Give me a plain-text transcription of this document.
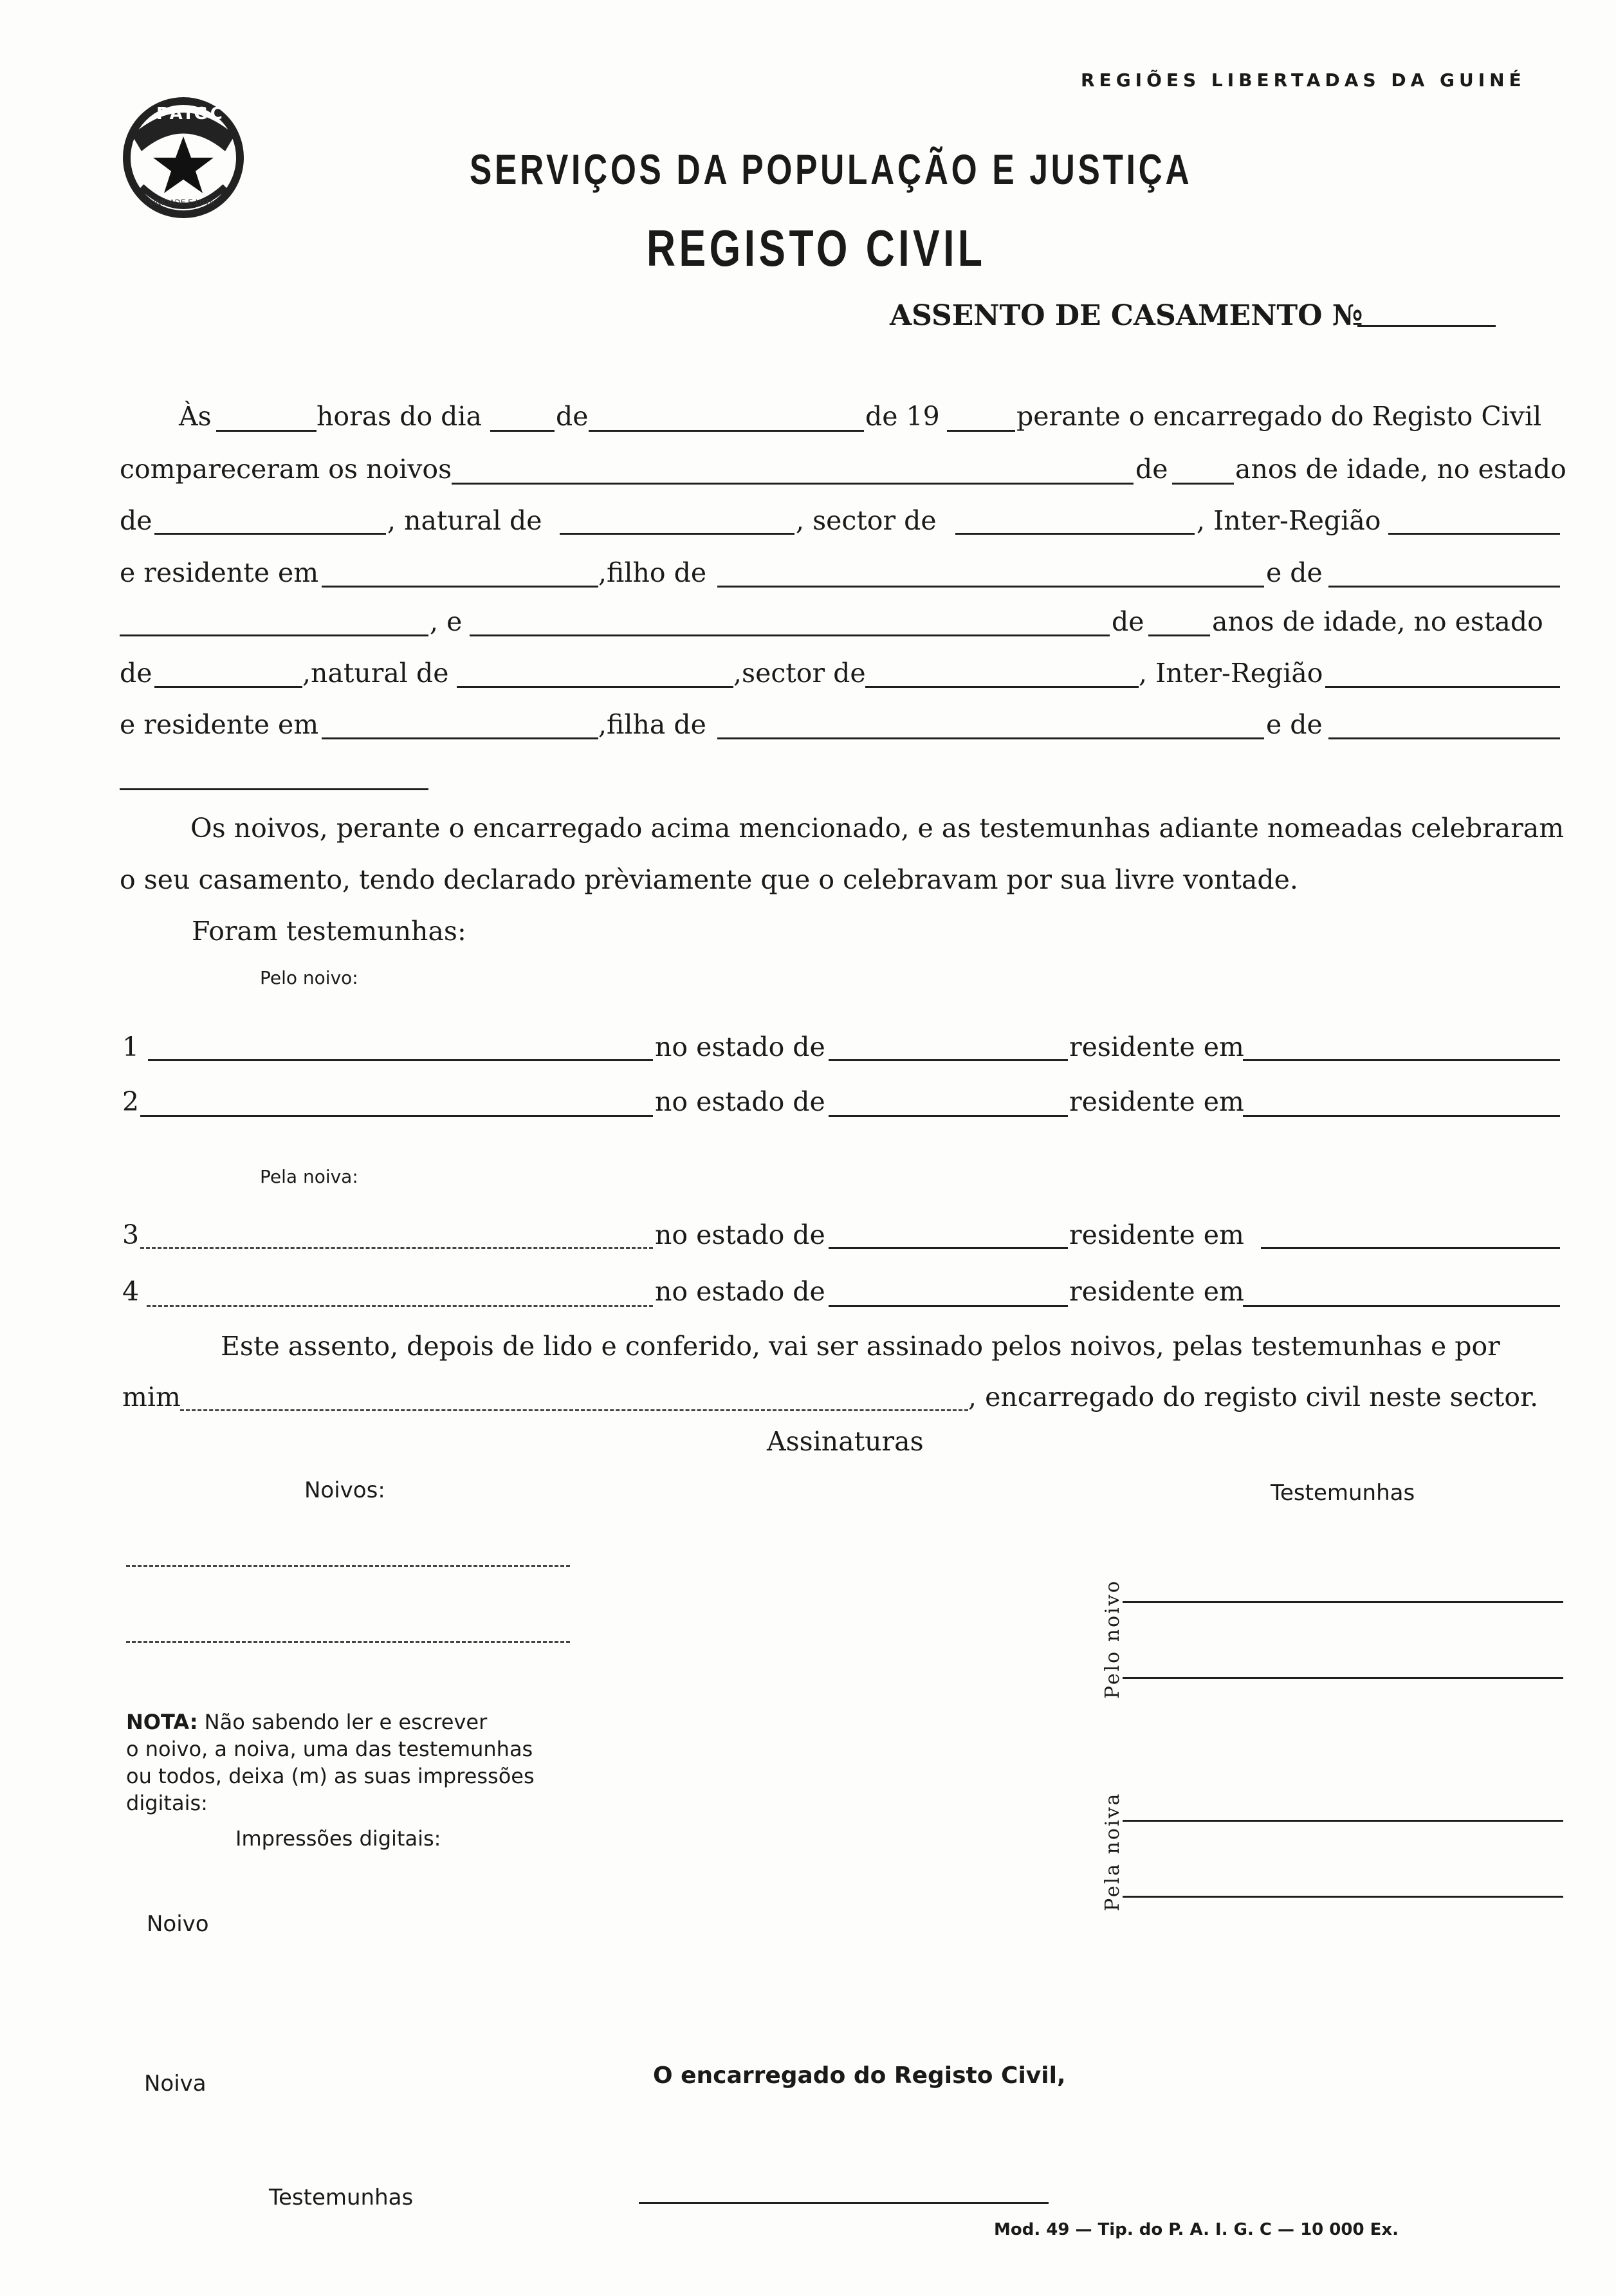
PAIGC
UNIDADE E LUTA
REGIÕES LIBERTADAS DA GUINÉ
SERVIÇOS DA POPULAÇÃO E JUSTIÇA
REGISTO CIVIL
ASSENTO DE CASAMENTO №
Às	horas do dia	de	de 19	perante o encarregado do Registo Civil
compareceram os noivos	de	anos de idade, no estado
de	, natural de	, sector de	, Inter-Região
e residente em	,filho de	e de
, e	de	anos de idade, no estado
de	,natural de	,sector de	, Inter-Região
e residente em	,filha de	e de
Os noivos, perante o encarregado acima mencionado, e as testemunhas adiante nomeadas celebraram
o seu casamento, tendo declarado prèviamente que o celebravam por sua livre vontade.
Foram testemunhas:
Pelo noivo:
1	no estado de	residente em
2	no estado de	residente em
Pela noiva:
3	no estado de	residente em
4	no estado de	residente em
Este assento, depois de lido e conferido, vai ser assinado pelos noivos, pelas testemunhas e por
mim	, encarregado do registo civil neste sector.
Assinaturas
Noivos:	Testemunhas
Pelo noivo
Pela noiva
NOTA: Não sabendo ler e escrever
o noivo, a noiva, uma das testemunhas
ou todos, deixa (m) as suas impressões
digitais:
Impressões digitais:
Noivo
Noiva
Testemunhas
O encarregado do Registo Civil,
Mod. 49 — Tip. do P. A. I. G. C — 10 000 Ex.
